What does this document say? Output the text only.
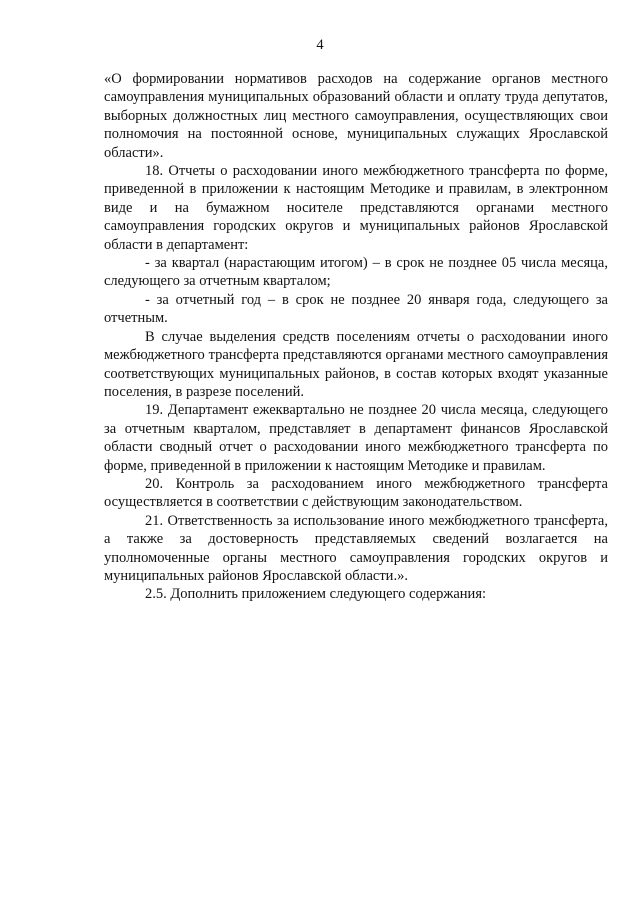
4

«О формировании нормативов расходов на содержание органов местного самоуправления муниципальных образований области и оплату труда депутатов, выборных должностных лиц местного самоуправления, осуществляющих свои полномочия на постоянной основе, муниципальных служащих Ярославской области».

18. Отчеты о расходовании иного межбюджетного трансферта по форме, приведенной в приложении к настоящим Методике и правилам, в электронном виде и на бумажном носителе представляются органами местного самоуправления городских округов и муниципальных районов Ярославской области в департамент:

- за квартал (нарастающим итогом) – в срок не позднее 05 числа месяца, следующего за отчетным кварталом;

- за отчетный год – в срок не позднее 20 января года, следующего за отчетным.

В случае выделения средств поселениям отчеты о расходовании иного межбюджетного трансферта представляются органами местного самоуправления соответствующих муниципальных районов, в состав которых входят указанные поселения, в разрезе поселений.

19. Департамент ежеквартально не позднее 20 числа месяца, следующего за отчетным кварталом, представляет в департамент финансов Ярославской области сводный отчет о расходовании иного межбюджетного трансферта по форме, приведенной в приложении к настоящим Методике и правилам.

20. Контроль за расходованием иного межбюджетного трансферта осуществляется в соответствии с действующим законодательством.

21. Ответственность за использование иного межбюджетного трансферта, а также за достоверность представляемых сведений возлагается на уполномоченные органы местного самоуправления городских округов и муниципальных районов Ярославской области.».

2.5. Дополнить приложением следующего содержания:
